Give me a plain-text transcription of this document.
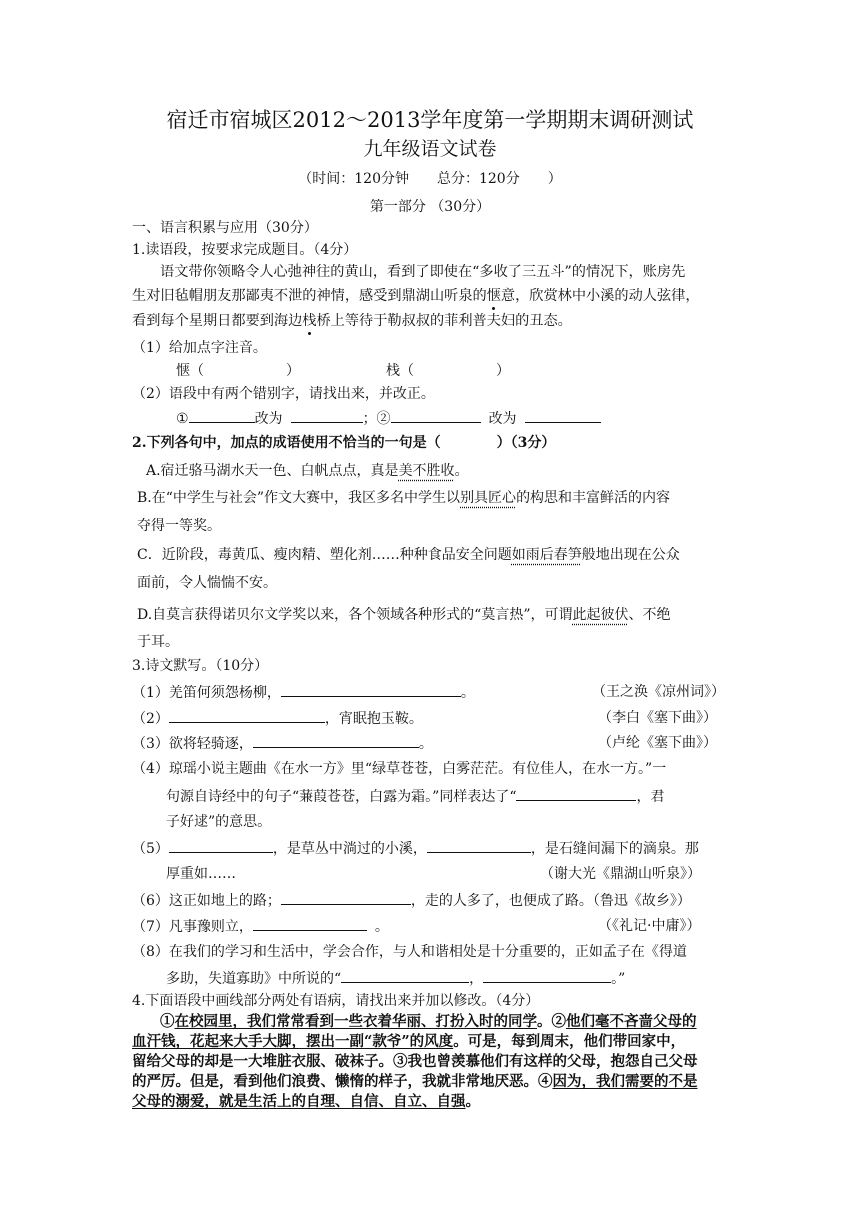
宿迁市宿城区2012～2013学年度第一学期期末调研测试
九年级语文试卷
（时间：120分钟　　总分：120分　　）
第一部分 （30分）
一、语言积累与应用（30分）
1.读语段，按要求完成题目。（4分）
语文带你领略令人心弛神往的黄山，看到了即使在“多收了三五斗”的情况下，账房先
生对旧毡帽朋友那鄙夷不泄的神情，感受到鼎湖山听泉的惬意，欣赏林中小溪的动人弦律，
看到每个星期日都要到海边栈桥上等待于勒叔叔的菲利普夫妇的丑态。
（1）给加点字注音。
惬（	）	栈（	）
（2）语段中有两个错别字，请找出来，并改正。
①	改为	；②	改为
2.下列各句中，加点的成语使用不恰当的一句是（　　　　）（3分）
A.宿迁骆马湖水天一色、白帆点点，真是美不胜收。
B.在“中学生与社会”作文大赛中，我区多名中学生以别具匠心的构思和丰富鲜活的内容
夺得一等奖。
C．近阶段，毒黄瓜、瘦肉精、塑化剂……种种食品安全问题如雨后春笋般地出现在公众
面前，令人惴惴不安。
D.自莫言获得诺贝尔文学奖以来，各个领域各种形式的“莫言热”，可谓此起彼伏、不绝
于耳。
3.诗文默写。（10分）
（1）羌笛何须怨杨柳，	。	（王之涣《凉州词》）
（2）	，宵眠抱玉鞍。	（李白《塞下曲》）
（3）欲将轻骑逐，	。	（卢纶《塞下曲》）
（4）琼瑶小说主题曲《在水一方》里“绿草苍苍，白雾茫茫。有位佳人，在水一方。”一
句源自诗经中的句子“蒹葭苍苍，白露为霜。”同样表达了“	，君
子好逑”的意思。
（5）	，是草丛中淌过的小溪，	，是石缝间漏下的滴泉。那
厚重如……	（谢大光《鼎湖山听泉》）
（6）这正如地上的路；	，走的人多了，也便成了路。（鲁迅《故乡》）
（7）凡事豫则立，	。	（《礼记·中庸》）
（8）在我们的学习和生活中，学会合作，与人和谐相处是十分重要的，正如孟子在《得道
多助，失道寡助》中所说的“	，	。”
4.下面语段中画线部分两处有语病，请找出来并加以修改。（4分）
①在校园里，我们常常看到一些衣着华丽、打扮入时的同学。②他们毫不吝啬父母的
血汗钱，花起来大手大脚，摆出一副“款爷”的风度。可是，每到周末，他们带回家中，
留给父母的却是一大堆脏衣服、破袜子。③我也曾羡慕他们有这样的父母，抱怨自己父母
的严厉。但是，看到他们浪费、懒惰的样子，我就非常地厌恶。④因为，我们需要的不是
父母的溺爱，就是生活上的自理、自信、自立、自强。
